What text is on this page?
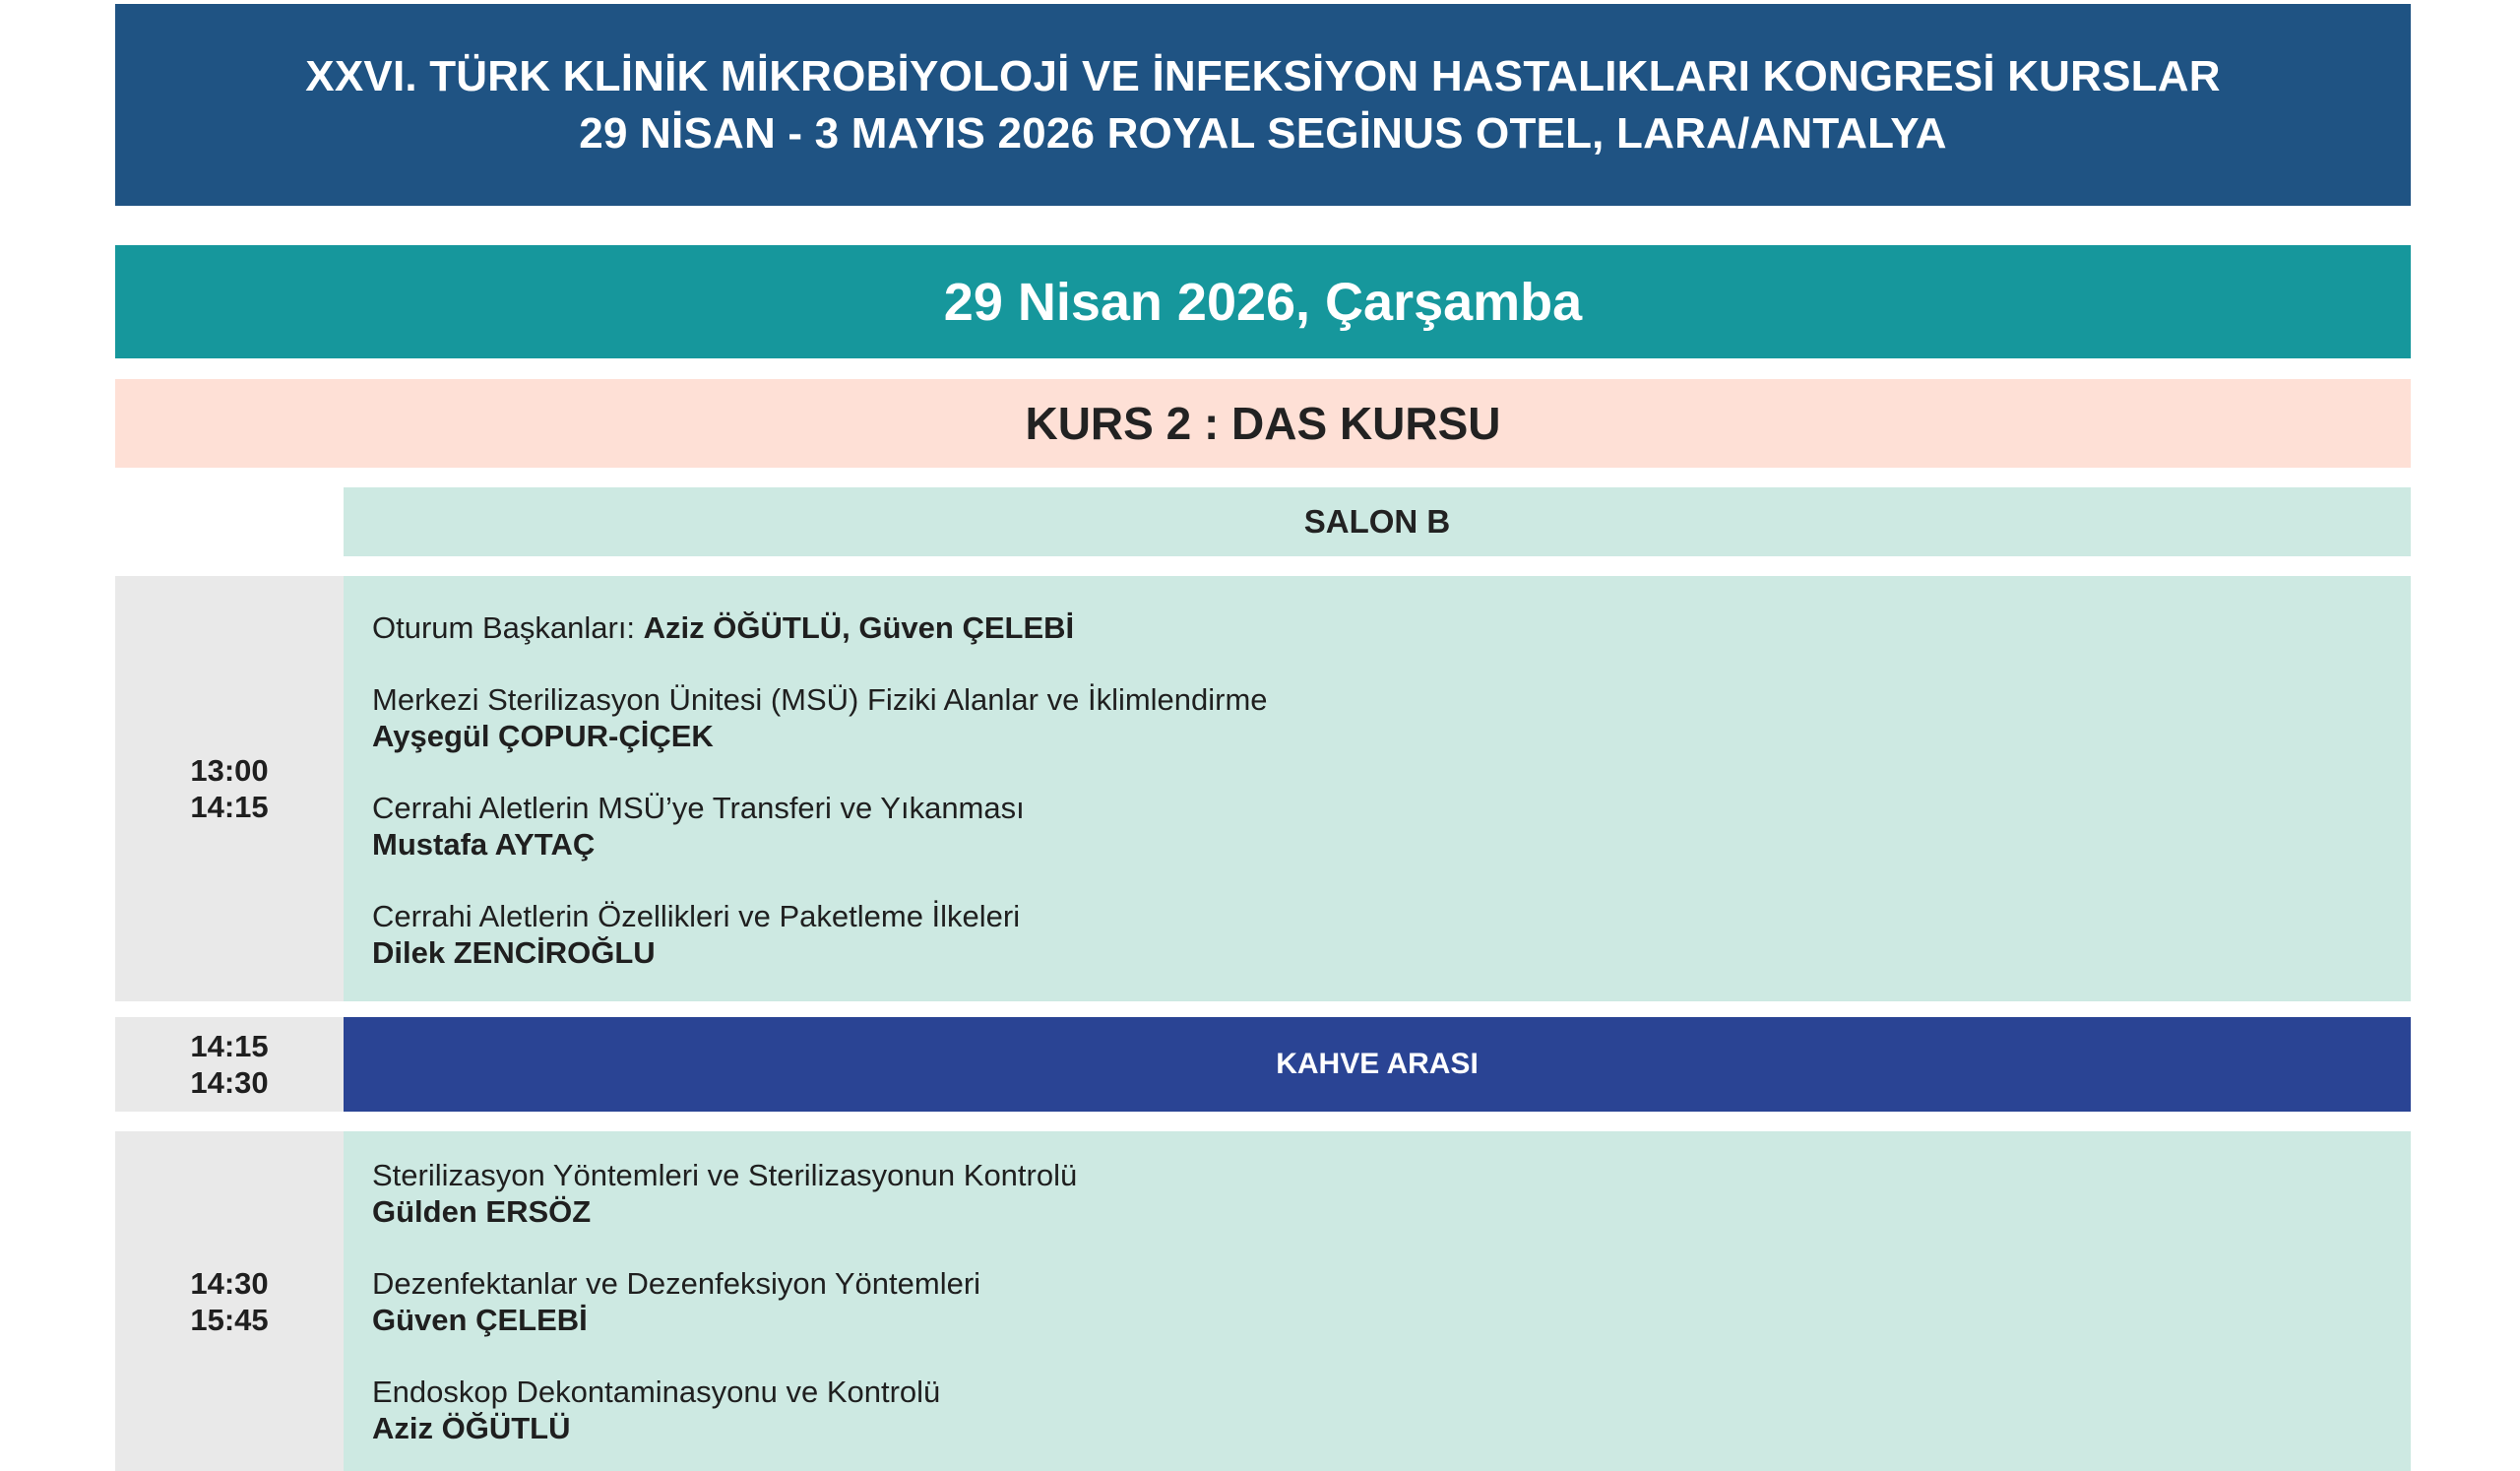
XXVI. TÜRK KLİNİK MİKROBİYOLOJİ VE İNFEKSİYON HASTALIKLARI KONGRESİ KURSLAR
29 NİSAN - 3 MAYIS 2026 ROYAL SEGİNUS OTEL, LARA/ANTALYA
29 Nisan 2026, Çarşamba
KURS 2 : DAS KURSU
SALON B
13:00
14:15
Oturum Başkanları: Aziz ÖĞÜTLÜ, Güven ÇELEBİ
Merkezi Sterilizasyon Ünitesi (MSÜ) Fiziki Alanlar ve İklimlendirme
Ayşegül ÇOPUR-ÇİÇEK
Cerrahi Aletlerin MSÜ’ye Transferi ve Yıkanması
Mustafa AYTAÇ
Cerrahi Aletlerin Özellikleri ve Paketleme İlkeleri
Dilek ZENCİROĞLU
14:15
14:30
KAHVE ARASI
14:30
15:45
Sterilizasyon Yöntemleri ve Sterilizasyonun Kontrolü
Gülden ERSÖZ
Dezenfektanlar ve Dezenfeksiyon Yöntemleri
Güven ÇELEBİ
Endoskop Dekontaminasyonu ve Kontrolü
Aziz ÖĞÜTLÜ
